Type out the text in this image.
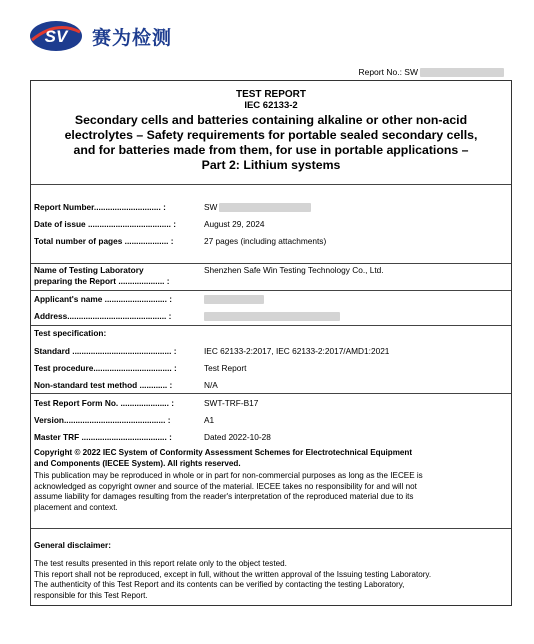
SV 赛为检测
Report No.: SW
TEST REPORT
IEC 62133-2
Secondary cells and batteries containing alkaline or other non-acid
electrolytes – Safety requirements for portable sealed secondary cells,
and for batteries made from them, for use in portable applications –
Part 2: Lithium systems
Report Number............................. :	SW
Date of issue .................................... :	August 29, 2024
Total number of pages ................... :	27 pages (including attachments)
Name of Testing Laboratory
preparing the Report .................... :
Shenzhen Safe Win Testing Technology Co., Ltd.
Applicant's name ........................... :
Address........................................... :
Test specification:
Standard ........................................... :	IEC 62133-2:2017, IEC 62133-2:2017/AMD1:2021
Test procedure.................................. :	Test Report
Non-standard test method ............ :	N/A
Test Report Form No. ..................... :	SWT-TRF-B17
Version............................................ :	A1
Master TRF ..................................... :	Dated 2022-10-28
Copyright © 2022 IEC System of Conformity Assessment Schemes for Electrotechnical Equipment
and Components (IECEE System). All rights reserved.
This publication may be reproduced in whole or in part for non-commercial purposes as long as the IECEE is
acknowledged as copyright owner and source of the material. IECEE takes no responsibility for and will not
assume liability for damages resulting from the reader's interpretation of the reproduced material due to its
placement and context.
General disclaimer:
The test results presented in this report relate only to the object tested.
This report shall not be reproduced, except in full, without the written approval of the Issuing testing Laboratory.
The authenticity of this Test Report and its contents can be verified by contacting the testing Laboratory,
responsible for this Test Report.
